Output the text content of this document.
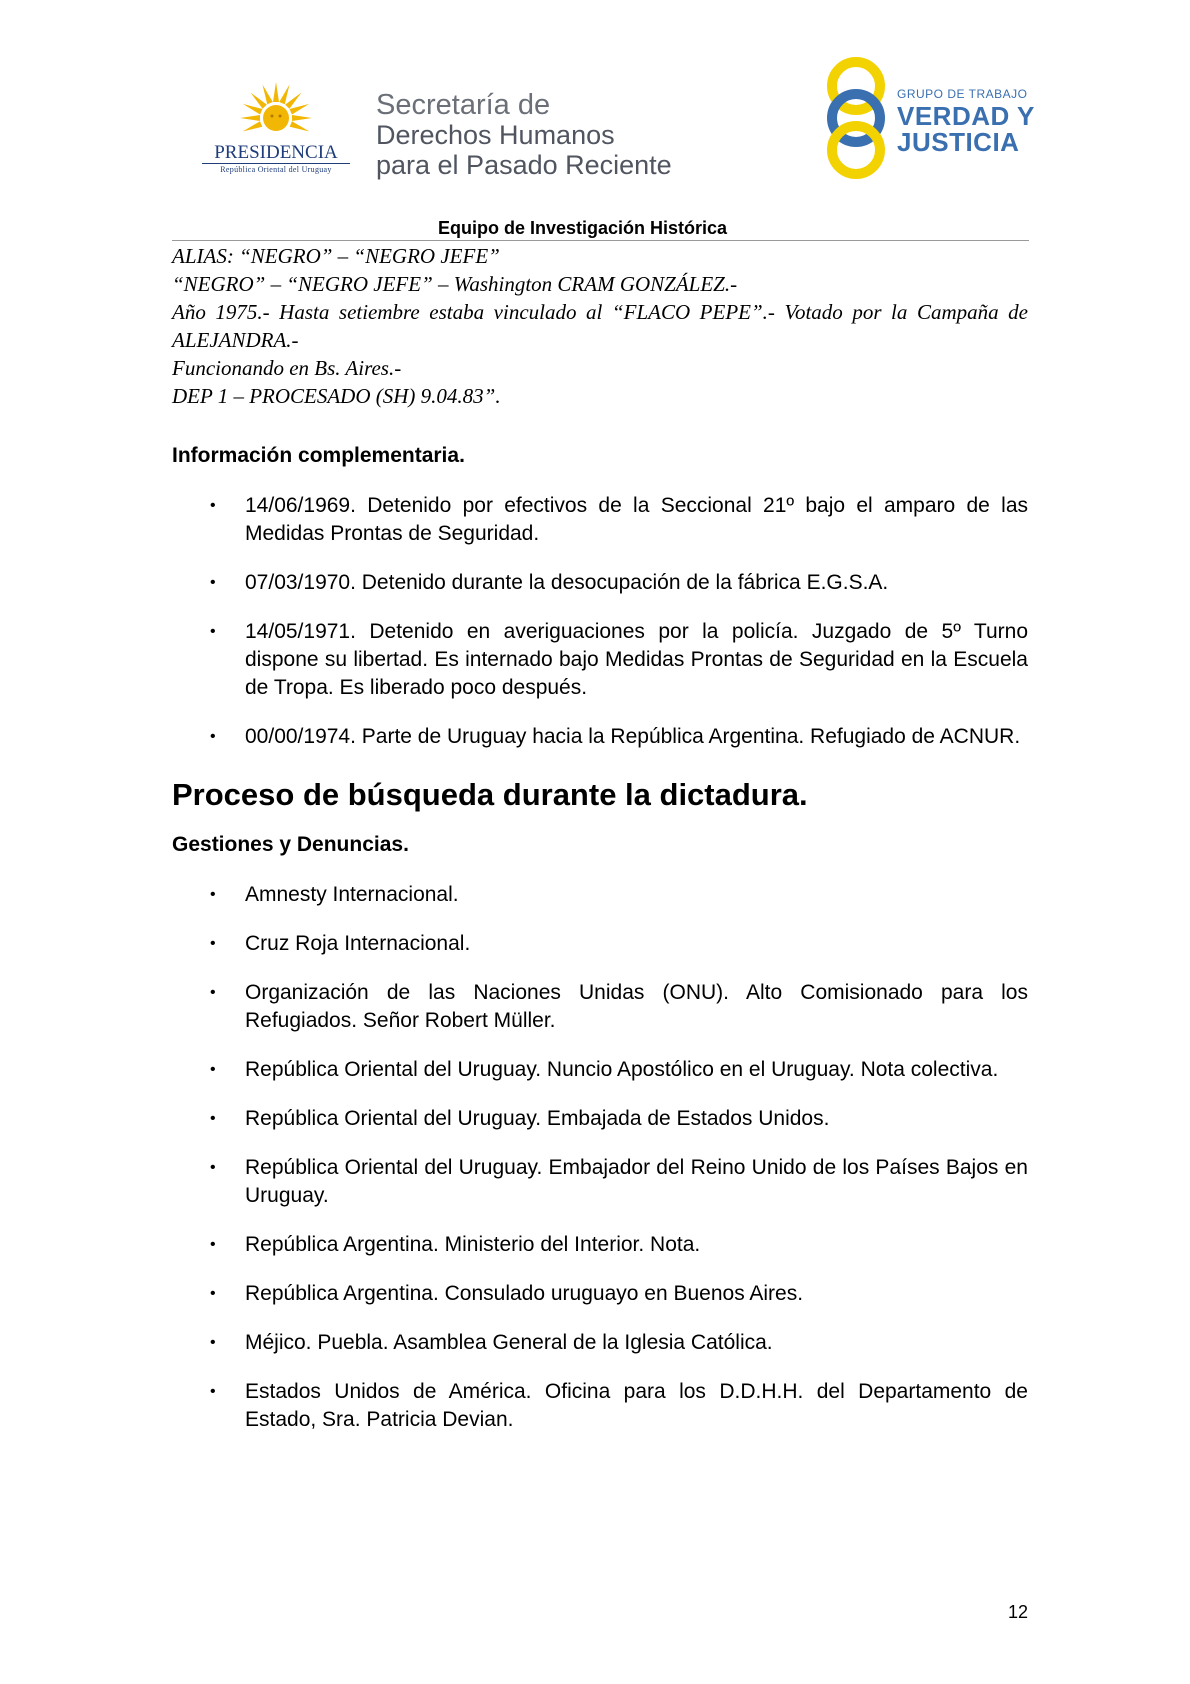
PRESIDENCIA
República Oriental del Uruguay
Secretaría de
Derechos Humanos
para el Pasado Reciente
GRUPO DE TRABAJO
VERDAD Y
JUSTICIA
Equipo de Investigación Histórica

ALIAS: “NEGRO” – “NEGRO JEFE”

“NEGRO” – “NEGRO JEFE” – Washington CRAM GONZÁLEZ.-

Año 1975.- Hasta setiembre estaba vinculado al “FLACO PEPE”.- Votado por la Campaña de ALEJANDRA.-

Funcionando en Bs. Aires.-

DEP 1 – PROCESADO (SH) 9.04.83”.

Información complementaria.

• 14/06/1969. Detenido por efectivos de la Seccional 21º bajo el amparo de las Medidas Prontas de Seguridad.
• 07/03/1970. Detenido durante la desocupación de la fábrica E.G.S.A.
• 14/05/1971. Detenido en averiguaciones por la policía. Juzgado de 5º Turno dispone su libertad. Es internado bajo Medidas Prontas de Seguridad en la Escuela de Tropa. Es liberado poco después.
• 00/00/1974. Parte de Uruguay hacia la República Argentina. Refugiado de ACNUR.

Proceso de búsqueda durante la dictadura.

Gestiones y Denuncias.

• Amnesty Internacional.
• Cruz Roja Internacional.
• Organización de las Naciones Unidas (ONU). Alto Comisionado para los Refugiados. Señor Robert Müller.
• República Oriental del Uruguay. Nuncio Apostólico en el Uruguay. Nota colectiva.
• República Oriental del Uruguay. Embajada de Estados Unidos.
• República Oriental del Uruguay. Embajador del Reino Unido de los Países Bajos en Uruguay.
• República Argentina. Ministerio del Interior. Nota.
• República Argentina. Consulado uruguayo en Buenos Aires.
• Méjico. Puebla. Asamblea General de la Iglesia Católica.
• Estados Unidos de América. Oficina para los D.D.H.H. del Departamento de Estado, Sra. Patricia Devian.
12
